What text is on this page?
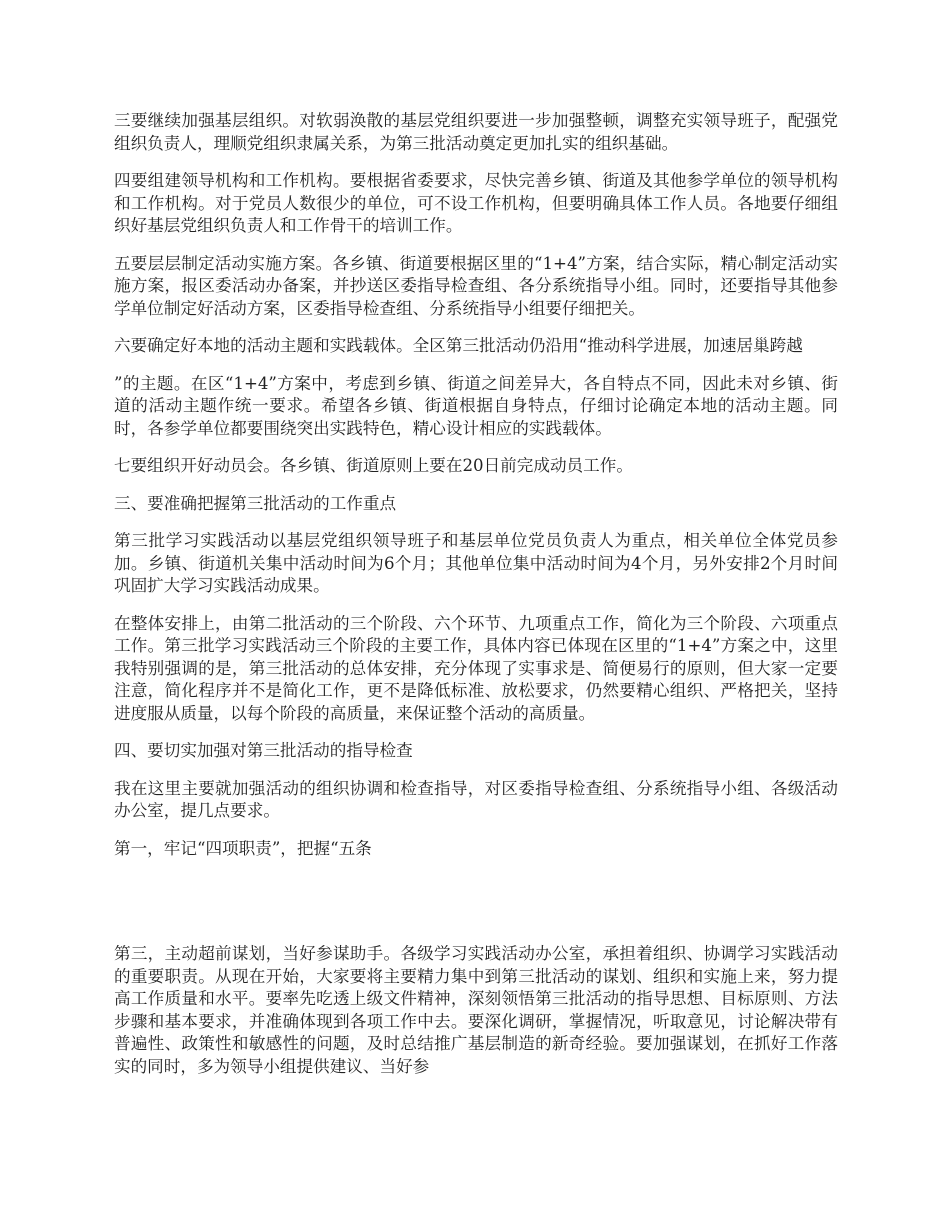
三要继续加强基层组织。对软弱涣散的基层党组织要进一步加强整顿，调整充实领导班子，配强党组织负责人，理顺党组织隶属关系，为第三批活动奠定更加扎实的组织基础。

四要组建领导机构和工作机构。要根据省委要求，尽快完善乡镇、街道及其他参学单位的领导机构和工作机构。对于党员人数很少的单位，可不设工作机构，但要明确具体工作人员。各地要仔细组织好基层党组织负责人和工作骨干的培训工作。

五要层层制定活动实施方案。各乡镇、街道要根据区里的“1+4”方案，结合实际，精心制定活动实施方案，报区委活动办备案，并抄送区委指导检查组、各分系统指导小组。同时，还要指导其他参学单位制定好活动方案，区委指导检查组、分系统指导小组要仔细把关。

六要确定好本地的活动主题和实践载体。全区第三批活动仍沿用“推动科学进展，加速居巢跨越

”的主题。在区“1+4”方案中，考虑到乡镇、街道之间差异大，各自特点不同，因此未对乡镇、街道的活动主题作统一要求。希望各乡镇、街道根据自身特点，仔细讨论确定本地的活动主题。同时，各参学单位都要围绕突出实践特色，精心设计相应的实践载体。

七要组织开好动员会。各乡镇、街道原则上要在20日前完成动员工作。

三、要准确把握第三批活动的工作重点

第三批学习实践活动以基层党组织领导班子和基层单位党员负责人为重点，相关单位全体党员参加。乡镇、街道机关集中活动时间为6个月；其他单位集中活动时间为4个月，另外安排2个月时间巩固扩大学习实践活动成果。

在整体安排上，由第二批活动的三个阶段、六个环节、九项重点工作，简化为三个阶段、六项重点工作。第三批学习实践活动三个阶段的主要工作，具体内容已体现在区里的“1+4”方案之中，这里我特别强调的是，第三批活动的总体安排，充分体现了实事求是、简便易行的原则，但大家一定要注意，简化程序并不是简化工作，更不是降低标准、放松要求，仍然要精心组织、严格把关，坚持进度服从质量，以每个阶段的高质量，来保证整个活动的高质量。

四、要切实加强对第三批活动的指导检查

我在这里主要就加强活动的组织协调和检查指导，对区委指导检查组、分系统指导小组、各级活动办公室，提几点要求。

第一，牢记“四项职责”，把握“五条

第三，主动超前谋划，当好参谋助手。各级学习实践活动办公室，承担着组织、协调学习实践活动的重要职责。从现在开始，大家要将主要精力集中到第三批活动的谋划、组织和实施上来，努力提高工作质量和水平。要率先吃透上级文件精神，深刻领悟第三批活动的指导思想、目标原则、方法步骤和基本要求，并准确体现到各项工作中去。要深化调研，掌握情况，听取意见，讨论解决带有普遍性、政策性和敏感性的问题，及时总结推广基层制造的新奇经验。要加强谋划，在抓好工作落实的同时，多为领导小组提供建议、当好参
